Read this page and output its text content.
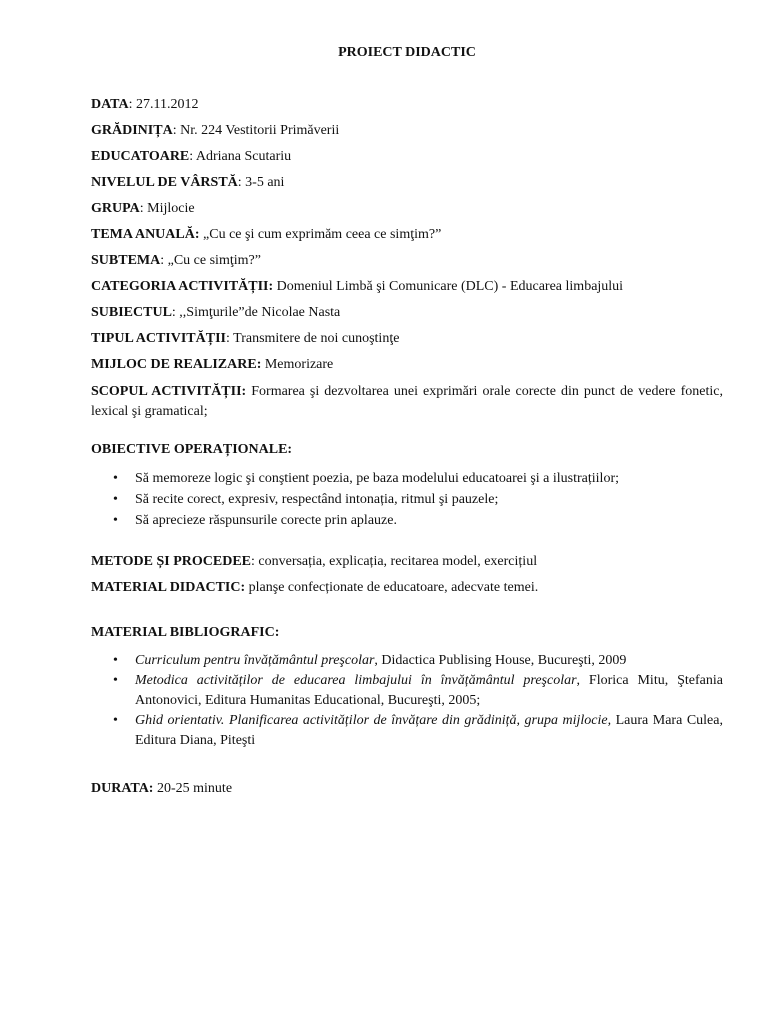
PROIECT DIDACTIC
DATA: 27.11.2012
GRĂDINIȚA: Nr. 224 Vestitorii Primăverii
EDUCATOARE: Adriana Scutariu
NIVELUL DE VÂRSTĂ: 3-5 ani
GRUPA: Mijlocie
TEMA ANUALĂ: „Cu ce şi cum exprimăm ceea ce simţim?”
SUBTEMA: „Cu ce simţim?”
CATEGORIA ACTIVITĂȚII: Domeniul Limbă şi Comunicare (DLC) - Educarea limbajului
SUBIECTUL: ,,Simţurile”de Nicolae Nasta
TIPUL ACTIVITĂȚII: Transmitere de noi cunoştinţe
MIJLOC DE REALIZARE: Memorizare
SCOPUL ACTIVITĂȚII: Formarea şi dezvoltarea unei exprimări orale corecte din punct de vedere fonetic, lexical şi gramatical;
OBIECTIVE OPERAȚIONALE:
• Să memoreze logic şi conştient poezia, pe baza modelului educatoarei şi a ilustrațiilor;
• Să recite corect, expresiv, respectând intonația, ritmul şi pauzele;
• Să aprecieze răspunsurile corecte prin aplauze.
METODE ȘI PROCEDEE: conversația, explicația, recitarea model, exercițiul
MATERIAL DIDACTIC: planşe confecționate de educatoare, adecvate temei.
MATERIAL BIBLIOGRAFIC:
• Curriculum pentru învățământul preşcolar, Didactica Publising House, Bucureşti, 2009
• Metodica activităților de educarea limbajului în învățământul preşcolar, Florica Mitu, Ştefania Antonovici, Editura Humanitas Educational, Bucureşti, 2005;
• Ghid orientativ. Planificarea activităților de învățare din grădiniță, grupa mijlocie, Laura Mara Culea, Editura Diana, Piteşti
DURATA: 20-25 minute
